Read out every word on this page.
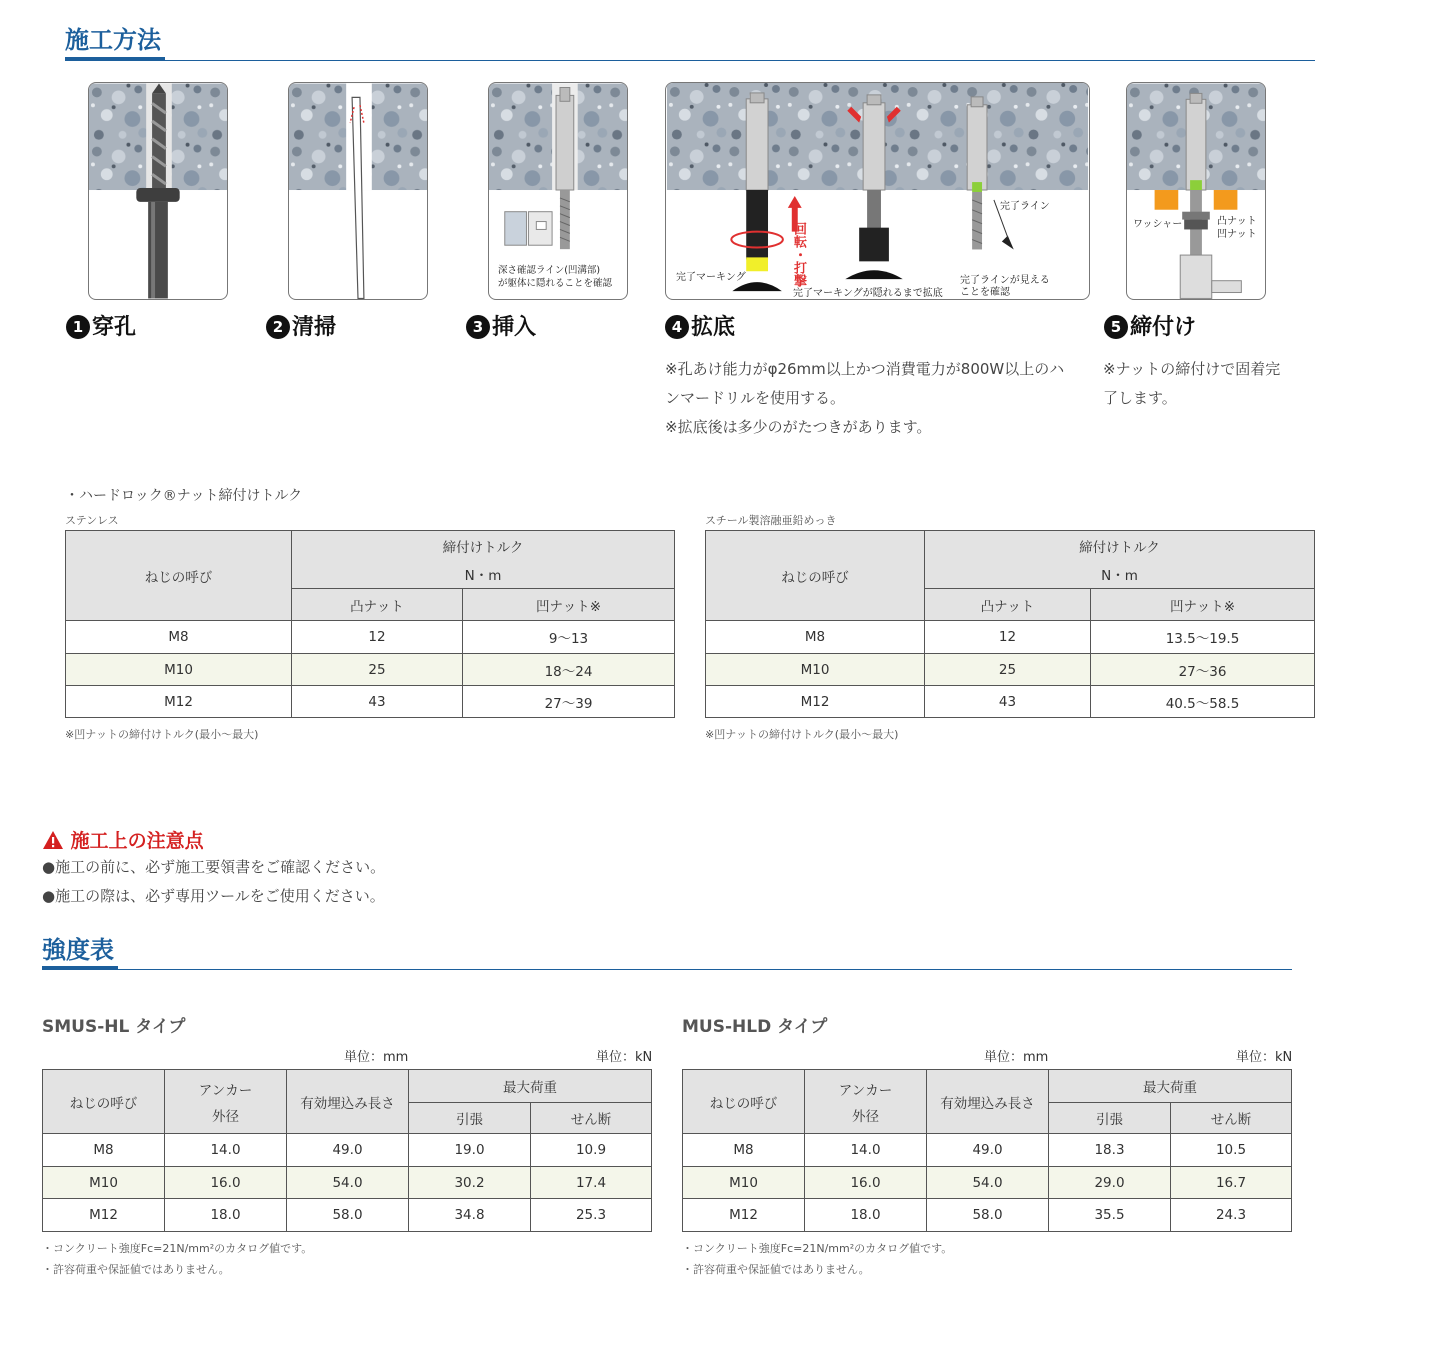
施工方法
1 穿孔	2 清掃
深さ確認ライン(凹溝部)
が躯体に隠れることを確認
3 挿入
完了マーキング
回転・打撃
完了マーキングが隠れるまで拡底
完了ライン
完了ラインが見える
ことを確認
4 拡底
ワッシャー	凸ナット
凹ナット
5 締付け
※孔あけ能力がφ26mm以上かつ消費電力が800W以上のハ
ンマードリルを使用する。
※拡底後は多少のがたつきがあります。
※ナットの締付けで固着完
了します。
・ハードロック®ナット締付けトルク
ステンレス
ねじの呼び	締付けトルク
N・m	

	凸ナット	凹ナット※
M8	12	9～13
M10	25	18～24
M12	43	27～39
※凹ナットの締付けトルク(最小～最大)
スチール製溶融亜鉛めっき
ねじの呼び	締付けトルク
N・m	

	凸ナット	凹ナット※
M8	12	13.5～19.5
M10	25	27～36
M12	43	40.5～58.5
※凹ナットの締付けトルク(最小～最大)
施工上の注意点
●施工の前に、必ず施工要領書をご確認ください。
●施工の際は、必ず専用ツールをご使用ください。
強度表
SMUS-HL タイプ
単位：mm	単位：kN
ねじの呼び	アンカー
外径	有効埋込み長さ	最大荷重	
			引張	せん断
M8	14.0	49.0	19.0	10.9
M10	16.0	54.0	30.2	17.4
M12	18.0	58.0	34.8	25.3
・コンクリート強度Fc=21N/mm²のカタログ値です。
・許容荷重や保証値ではありません。
MUS-HLD タイプ
単位：mm	単位：kN
ねじの呼び	アンカー
外径	有効埋込み長さ	最大荷重	
			引張	せん断
M8	14.0	49.0	18.3	10.5
M10	16.0	54.0	29.0	16.7
M12	18.0	58.0	35.5	24.3
・コンクリート強度Fc=21N/mm²のカタログ値です。
・許容荷重や保証値ではありません。
